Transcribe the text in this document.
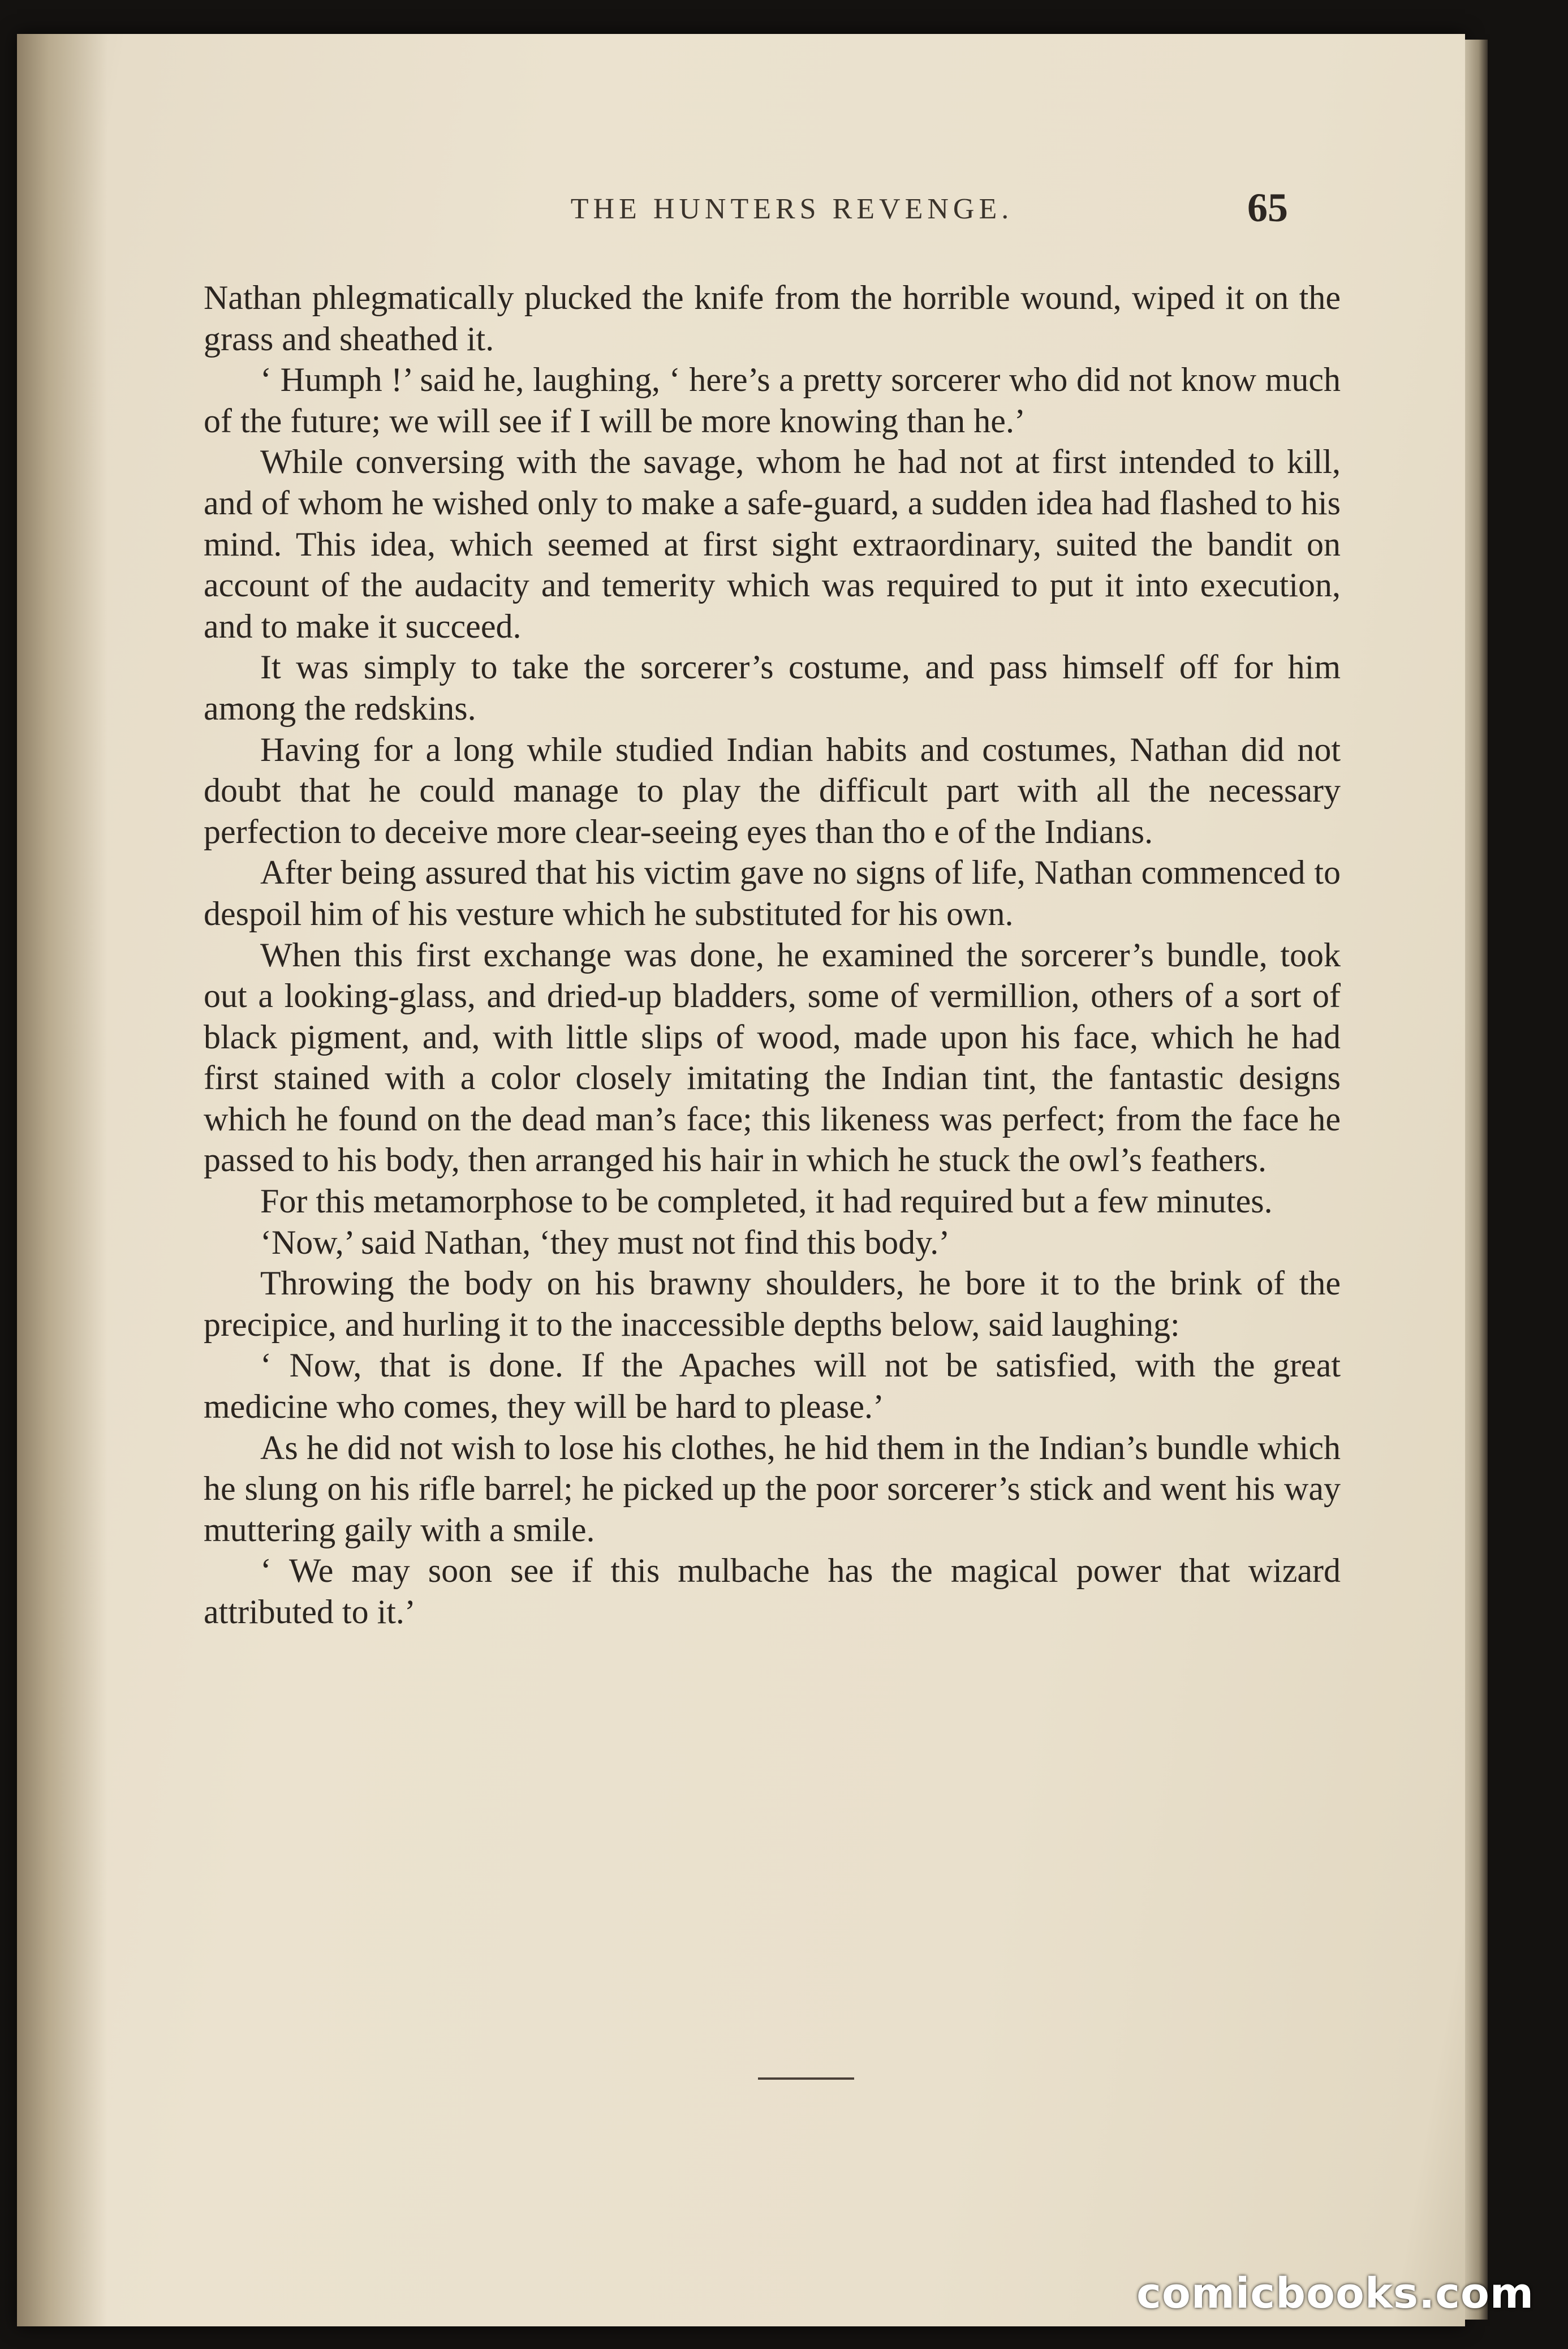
THE HUNTERS REVENGE.	65

Nathan phlegmatically plucked the knife from the horrible wound, wiped it on the grass and sheathed it.

‘ Humph !’ said he, laughing, ‘ here’s a pretty sorcerer who did not know much of the future; we will see if I will be more knowing than he.’

While conversing with the savage, whom he had not at first intended to kill, and of whom he wished only to make a safe-guard, a sudden idea had flashed to his mind. This idea, which seemed at first sight extraordinary, suited the bandit on account of the audacity and temerity which was required to put it into execution, and to make it succeed.

It was simply to take the sorcerer’s costume, and pass himself off for him among the redskins.

Having for a long while studied Indian habits and costumes, Nathan did not doubt that he could manage to play the difficult part with all the necessary perfection to deceive more clear-seeing eyes than tho e of the Indians.

After being assured that his victim gave no signs of life, Nathan commenced to despoil him of his vesture which he substituted for his own.

When this first exchange was done, he examined the sorcerer’s bundle, took out a looking-glass, and dried-up bladders, some of vermillion, others of a sort of black pigment, and, with little slips of wood, made upon his face, which he had first stained with a color closely imitating the Indian tint, the fantastic designs which he found on the dead man’s face; this likeness was perfect; from the face he passed to his body, then arranged his hair in which he stuck the owl’s feathers.

For this metamorphose to be completed, it had required but a few minutes.

‘Now,’ said Nathan, ‘they must not find this body.’

Throwing the body on his brawny shoulders, he bore it to the brink of the precipice, and hurling it to the inaccessible depths below, said laughing:

‘ Now, that is done. If the Apaches will not be satisfied, with the great medicine who comes, they will be hard to please.’

As he did not wish to lose his clothes, he hid them in the Indian’s bundle which he slung on his rifle barrel; he picked up the poor sorcerer’s stick and went his way muttering gaily with a smile.

‘ We may soon see if this mulbache has the magical power that wizard attributed to it.’

comicbooks.com
